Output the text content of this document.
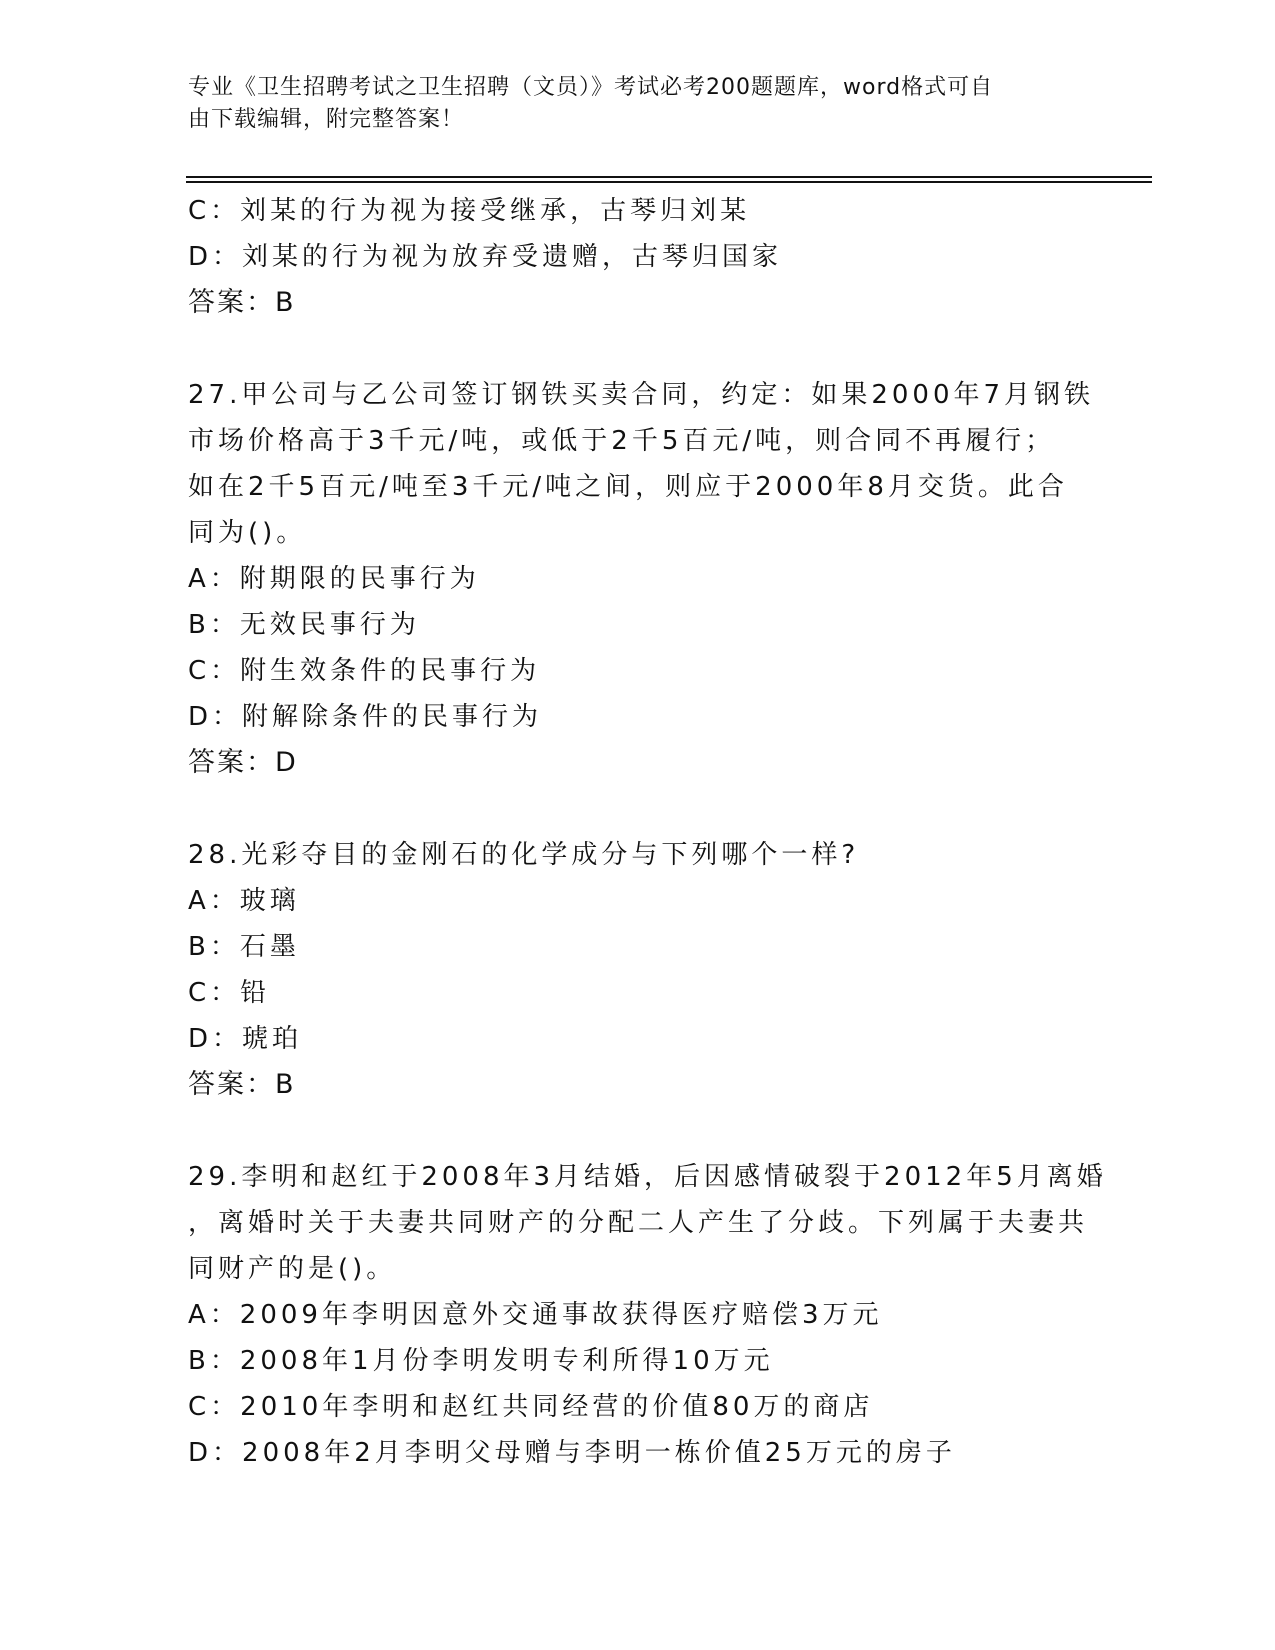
专业《卫生招聘考试之卫生招聘（文员）》考试必考200题题库，word格式可自
由下载编辑，附完整答案！
C：刘某的行为视为接受继承，古琴归刘某
D：刘某的行为视为放弃受遗赠，古琴归国家
答案：B
27.甲公司与乙公司签订钢铁买卖合同，约定：如果2000年7月钢铁
市场价格高于3千元/吨，或低于2千5百元/吨，则合同不再履行；
如在2千5百元/吨至3千元/吨之间，则应于2000年8月交货。此合
同为()。
A：附期限的民事行为
B：无效民事行为
C：附生效条件的民事行为
D：附解除条件的民事行为
答案：D
28.光彩夺目的金刚石的化学成分与下列哪个一样?
A：玻璃
B：石墨
C：铅
D：琥珀
答案：B
29.李明和赵红于2008年3月结婚，后因感情破裂于2012年5月离婚
，离婚时关于夫妻共同财产的分配二人产生了分歧。下列属于夫妻共
同财产的是()。
A：2009年李明因意外交通事故获得医疗赔偿3万元
B：2008年1月份李明发明专利所得10万元
C：2010年李明和赵红共同经营的价值80万的商店
D：2008年2月李明父母赠与李明一栋价值25万元的房子
